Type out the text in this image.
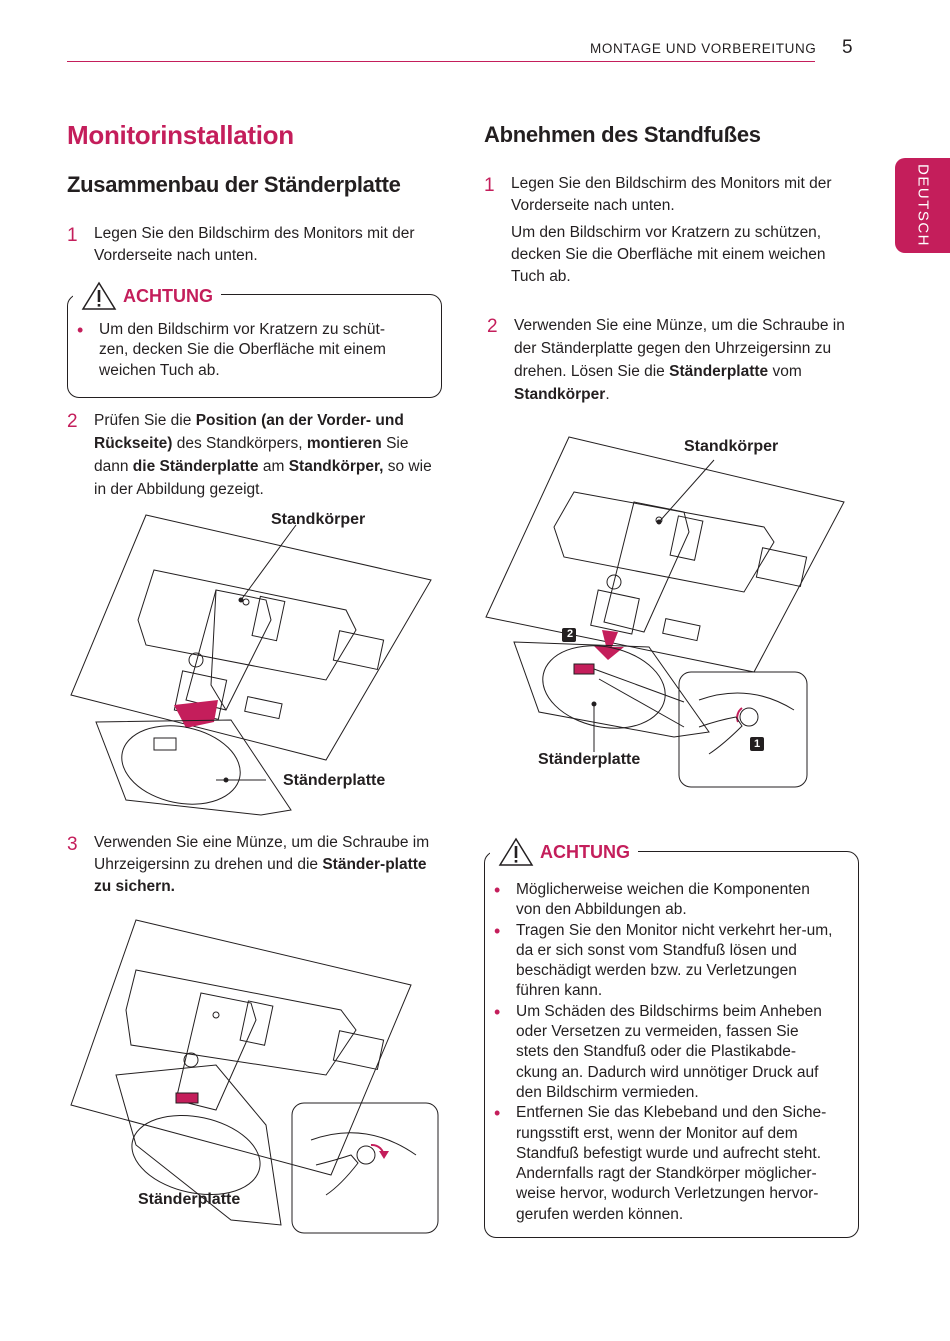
MONTAGE UND VORBEREITUNG 5
DEUTSCH
Monitorinstallation
Zusammenbau der Ständerplatte
1 Legen Sie den Bildschirm des Monitors mit der Vorderseite nach unten.
• Um den Bildschirm vor Kratzern zu schüt-zen, decken Sie die Oberfläche mit einem weichen Tuch ab.
ACHTUNG
2 Prüfen Sie die Position (an der Vorder- und Rückseite) des Standkörpers, montieren Sie dann die Ständerplatte am Standkörper, so wie in der Abbildung gezeigt.
Standkörper
Ständerplatte
3 Verwenden Sie eine Münze, um die Schraube im Uhrzeigersinn zu drehen und die Ständer-platte zu sichern.
Ständerplatte
Abnehmen des Standfußes
1 Legen Sie den Bildschirm des Monitors mit der Vorderseite nach unten.
Um den Bildschirm vor Kratzern zu schützen, decken Sie die Oberfläche mit einem weichen Tuch ab.
2 Verwenden Sie eine Münze, um die Schraube in der Ständerplatte gegen den Uhrzeigersinn zu drehen. Lösen Sie die Ständerplatte vom Standkörper.
Standkörper
Ständerplatte
2
1
• Möglicherweise weichen die Komponenten von den Abbildungen ab.
• Tragen Sie den Monitor nicht verkehrt her-um, da er sich sonst vom Standfuß lösen und beschädigt werden bzw. zu Verletzungen führen kann.
• Um Schäden des Bildschirms beim Anheben oder Versetzen zu vermeiden, fassen Sie stets den Standfuß oder die Plastikabde-ckung an. Dadurch wird unnötiger Druck auf den Bildschirm vermieden.
• Entfernen Sie das Klebeband und den Siche-rungsstift erst, wenn der Monitor auf dem Standfuß befestigt wurde und aufrecht steht. Andernfalls ragt der Standkörper möglicher-weise hervor, wodurch Verletzungen hervor-gerufen werden können.
ACHTUNG
